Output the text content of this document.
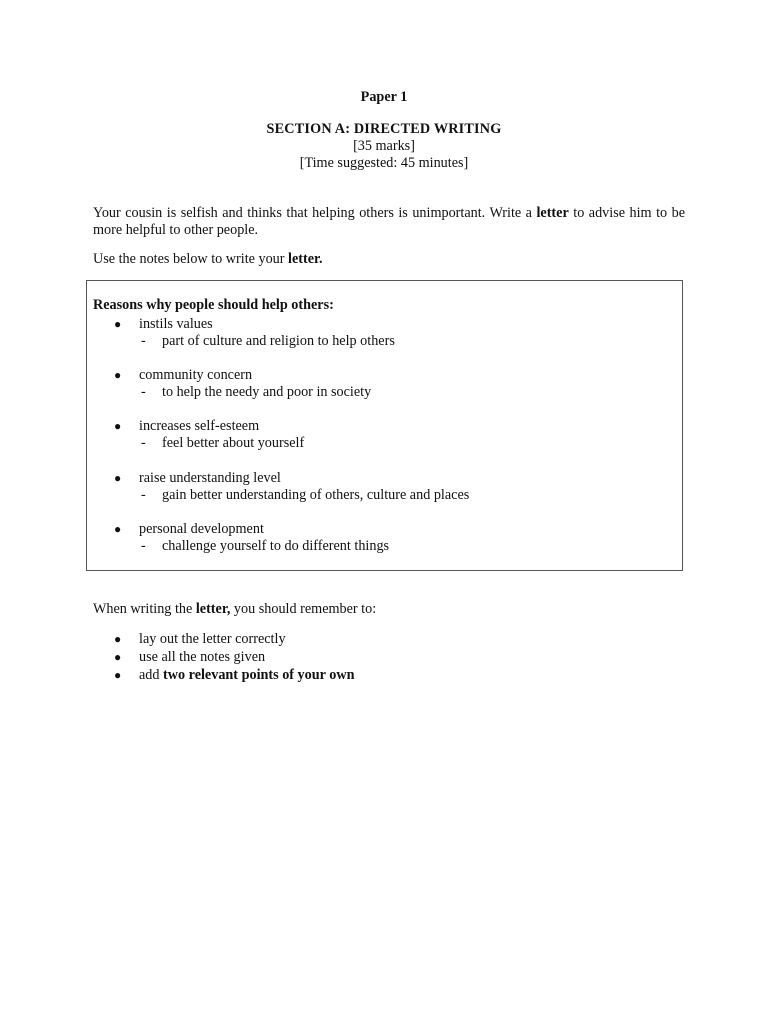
Paper 1
SECTION A: DIRECTED WRITING
[35 marks]
[Time suggested: 45 minutes]
Your cousin is selfish and thinks that helping others is unimportant. Write a letter to advise him to be more helpful to other people.
Use the notes below to write your letter.
Reasons why people should help others:
● instils values
- part of culture and religion to help others
● community concern
- to help the needy and poor in society
● increases self-esteem
- feel better about yourself
● raise understanding level
- gain better understanding of others, culture and places
● personal development
- challenge yourself to do different things
When writing the letter, you should remember to:
● lay out the letter correctly
● use all the notes given
● add two relevant points of your own
